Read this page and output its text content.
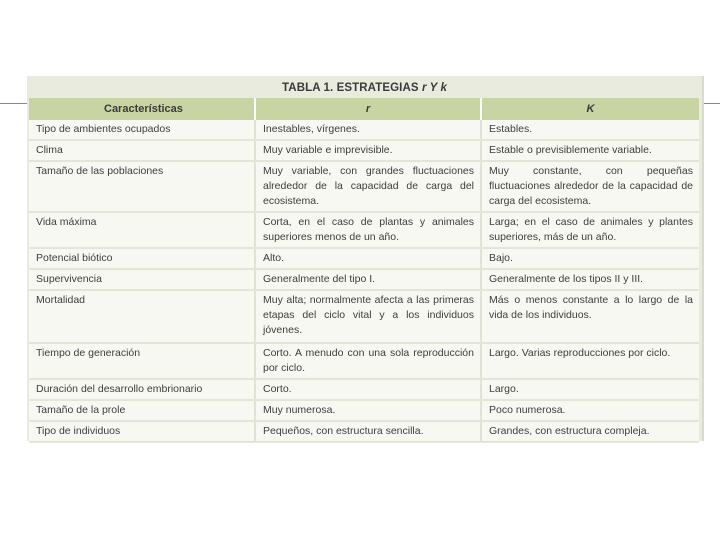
TABLA 1. ESTRATEGIAS r Y k
Características	r	K
Tipo de ambientes ocupados	Inestables, vírgenes.	Estables.
Clima	Muy variable e imprevisible.	Estable o previsiblemente variable.
Tamaño de las poblaciones	Muy variable, con grandes fluctuaciones alrededor de la capacidad de carga del ecosistema.	Muy constante, con pequeñas fluctuaciones alrededor de la capacidad de carga del ecosistema.
Vida máxima	Corta, en el caso de plantas y animales superiores menos de un año.	Larga; en el caso de animales y plantes superiores, más de un año.
Potencial biótico	Alto.	Bajo.
Supervivencia	Generalmente del tipo I.	Generalmente de los tipos II y III.
Mortalidad	Muy alta; normalmente afecta a las primeras etapas del ciclo vital y a los individuos jóvenes.	Más o menos constante a lo largo de la vida de los individuos.
Tiempo de generación	Corto. A menudo con una sola reproducción por ciclo.	Largo. Varias reproducciones por ciclo.
Duración del desarrollo embrionario	Corto.	Largo.
Tamaño de la prole	Muy numerosa.	Poco numerosa.
Tipo de individuos	Pequeños, con estructura sencilla.	Grandes, con estructura compleja.
